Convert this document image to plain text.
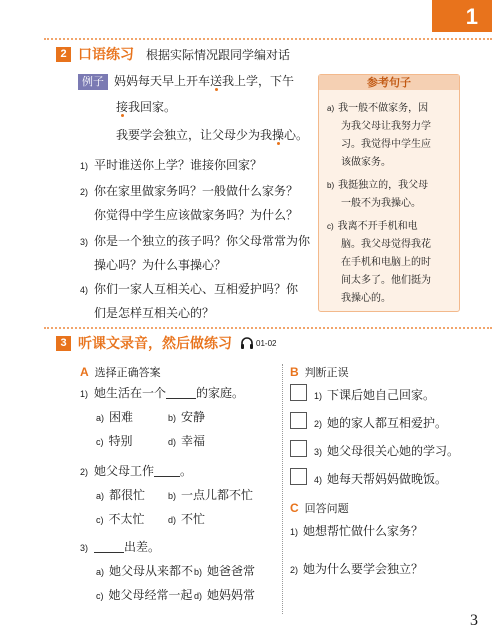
1
2 口语练习 根据实际情况跟同学编对话
例子 妈妈每天早上开车送我上学，下午
接我回家。
我要学会独立，让父母少为我操心。
1) 平时谁送你上学？谁接你回家？
2) 你在家里做家务吗？一般做什么家务？
你觉得中学生应该做家务吗？为什么？
3) 你是一个独立的孩子吗？你父母常常为你
操心吗？为什么事操心？
4) 你们一家人互相关心、互相爱护吗？你
们是怎样互相关心的？
参考句子
a) 我一般不做家务，因
为我父母让我努力学
习。我觉得中学生应
该做家务。
b) 我挺独立的，我父母
一般不为我操心。
c) 我离不开手机和电
脑。我父母觉得我花
在手机和电脑上的时
间太多了。他们挺为
我操心的。
3 听课文录音，然后做练习	01-02
A 选择正确答案
1) 她生活在一个	的家庭。
a) 困难	b) 安静
c) 特别	d) 幸福
2) 她父母工作 。
a) 都很忙	b) 一点儿都不忙
c) 不太忙	d) 不忙
3)	出差。
a) 她父母从来都不 b) 她爸爸常
c) 她父母经常一起 d) 她妈妈常
B 判断正误
1) 下课后她自己回家。
2) 她的家人都互相爱护。
3) 她父母很关心她的学习。
4) 她每天帮妈妈做晚饭。
C 回答问题
1) 她想帮忙做什么家务？
2) 她为什么要学会独立？
3
